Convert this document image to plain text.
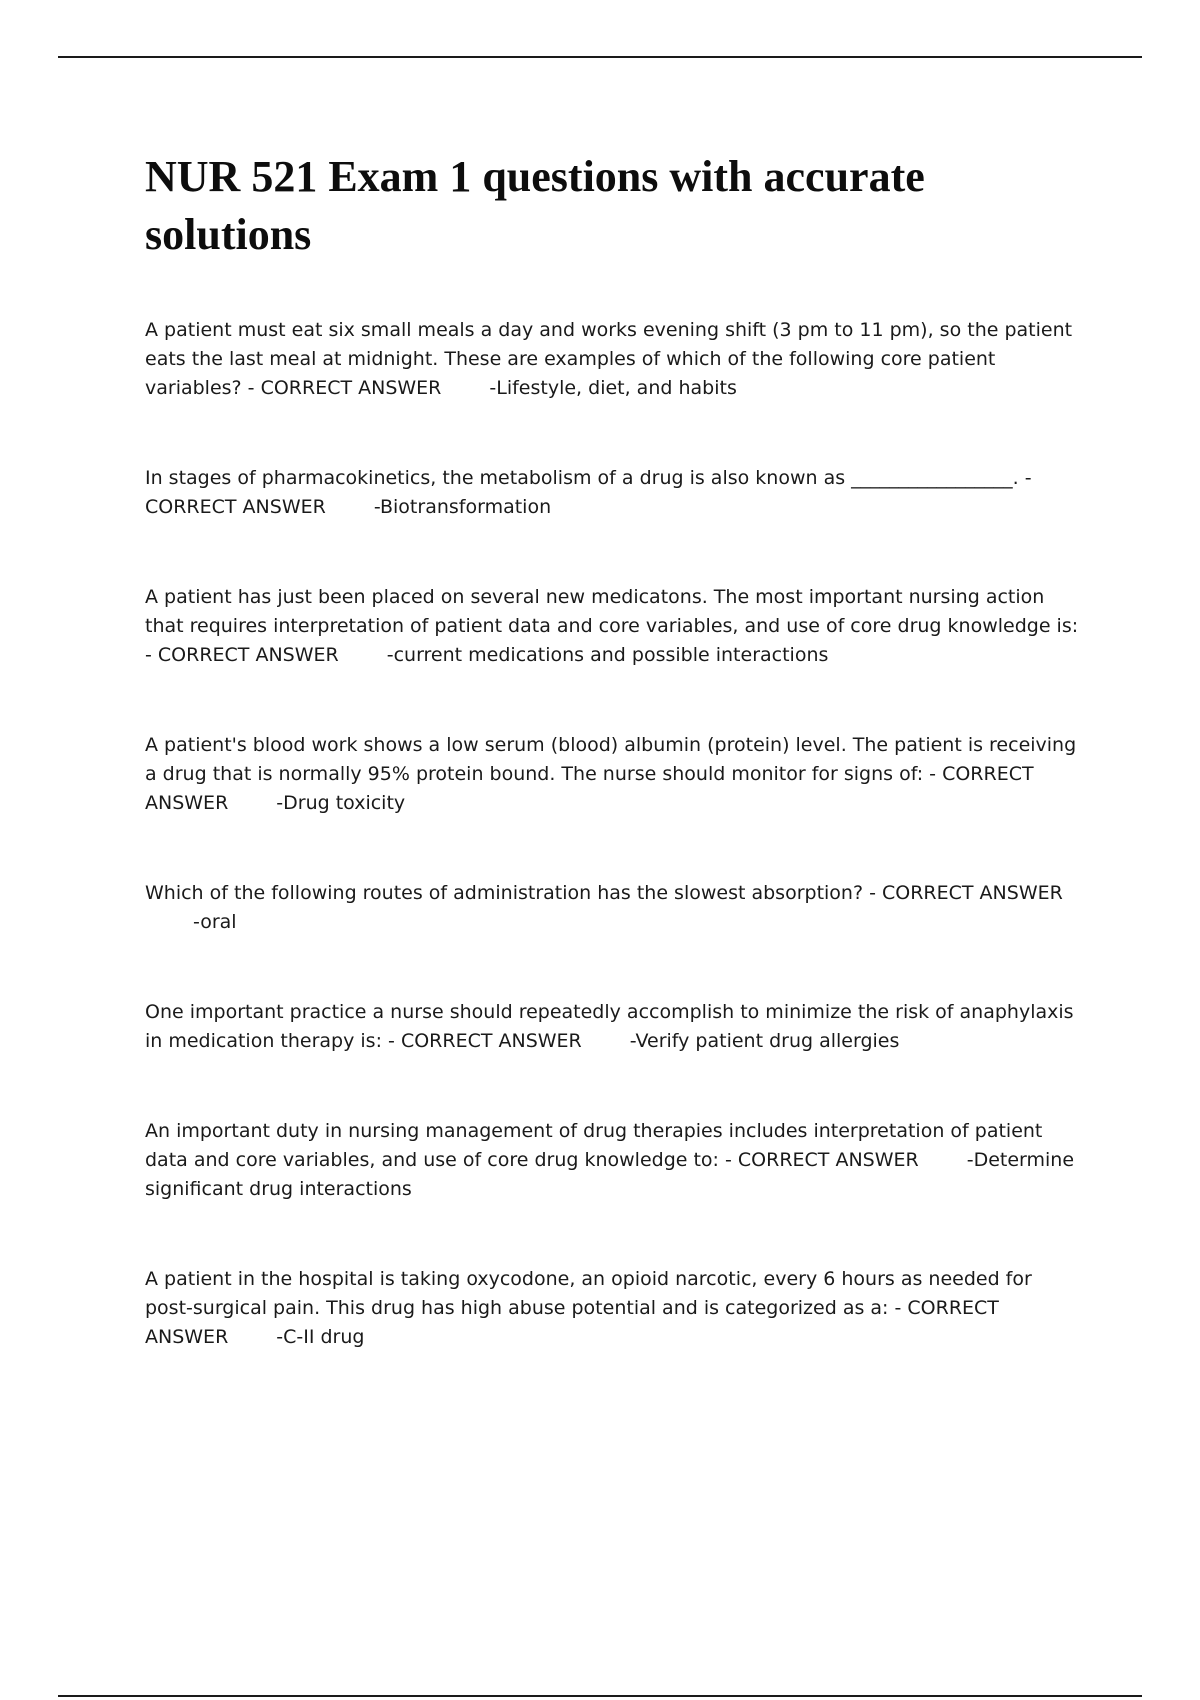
NUR 521 Exam 1 questions with accurate solutions

A patient must eat six small meals a day and works evening shift (3 pm to 11 pm), so the patient eats the last meal at midnight. These are examples of which of the following core patient variables? - CORRECT ANSWER	-Lifestyle, diet, and habits

In stages of pharmacokinetics, the metabolism of a drug is also known as _________________. - CORRECT ANSWER	-Biotransformation

A patient has just been placed on several new medicatons. The most important nursing action that requires interpretation of patient data and core variables, and use of core drug knowledge is: - CORRECT ANSWER	-current medications and possible interactions

A patient's blood work shows a low serum (blood) albumin (protein) level. The patient is receiving a drug that is normally 95% protein bound. The nurse should monitor for signs of: - CORRECT ANSWER	-Drug toxicity

Which of the following routes of administration has the slowest absorption? - CORRECT ANSWER-oral

One important practice a nurse should repeatedly accomplish to minimize the risk of anaphylaxis in medication therapy is: - CORRECT ANSWER	-Verify patient drug allergies

An important duty in nursing management of drug therapies includes interpretation of patient data and core variables, and use of core drug knowledge to: - CORRECT ANSWER	-Determine significant drug interactions

A patient in the hospital is taking oxycodone, an opioid narcotic, every 6 hours as needed for post-surgical pain. This drug has high abuse potential and is categorized as a: - CORRECT ANSWER	-C-II drug
